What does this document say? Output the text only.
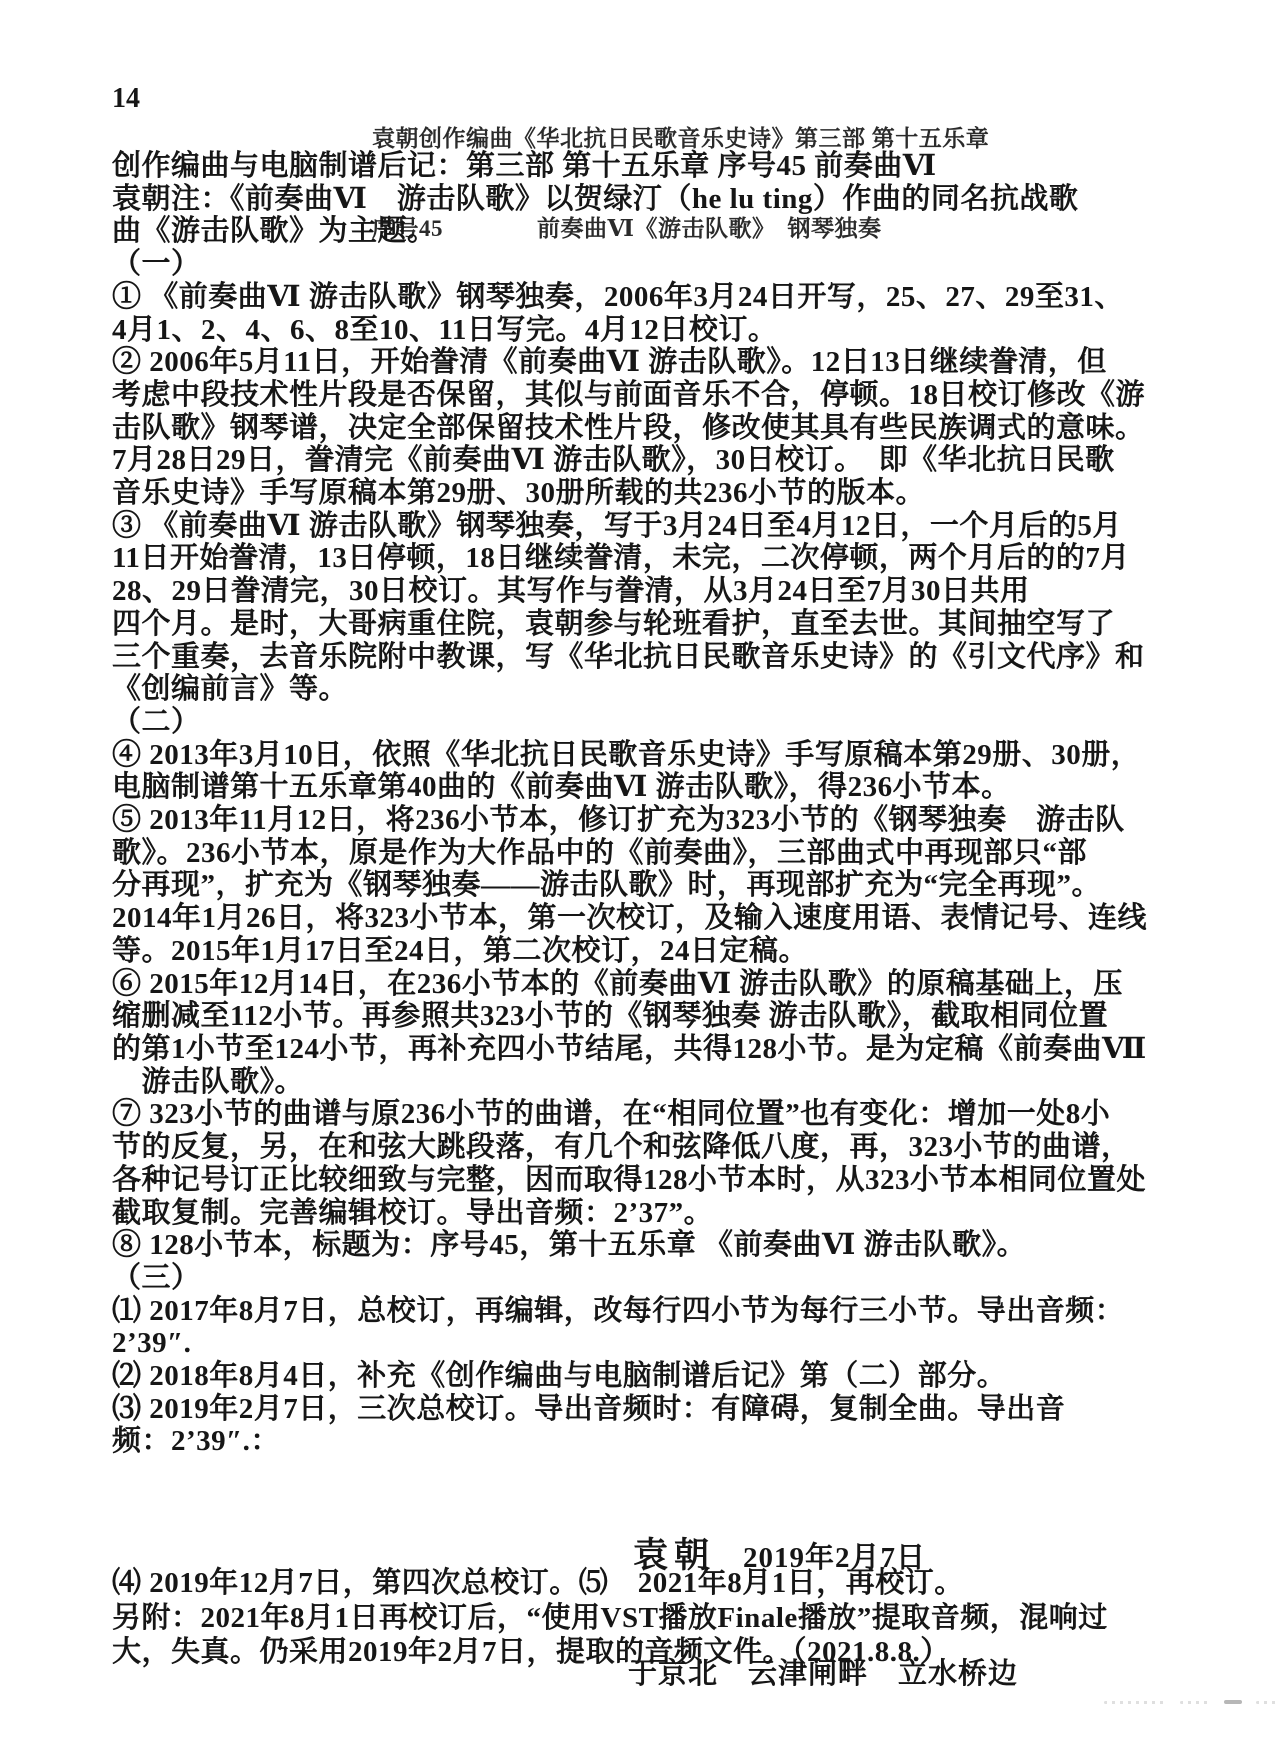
14

袁朝创作编曲《华北抗日民歌音乐史诗》第三部 第十五乐章

序号45　　　　前奏曲Ⅵ《游击队歌》　钢琴独奏

创作编曲与电脑制谱后记：第三部 第十五乐章 序号45 前奏曲Ⅵ
袁朝注：《前奏曲Ⅵ　游击队歌》以贺绿汀（he lu ting）作曲的同名抗战歌
曲《游击队歌》为主题。
（一）
① 《前奏曲Ⅵ 游击队歌》钢琴独奏，2006年3月24日开写，25、27、29至31、
4月1、2、4、6、8至10、11日写完。4月12日校订。
② 2006年5月11日，开始誊清《前奏曲Ⅵ 游击队歌》。12日13日继续誊清，但
考虑中段技术性片段是否保留，其似与前面音乐不合，停顿。18日校订修改《游
击队歌》钢琴谱，决定全部保留技术性片段，修改使其具有些民族调式的意味。
7月28日29日，誊清完《前奏曲Ⅵ 游击队歌》，30日校订。　即《华北抗日民歌
音乐史诗》手写原稿本第29册、30册所载的共236小节的版本。
③ 《前奏曲Ⅵ 游击队歌》钢琴独奏，写于3月24日至4月12日，一个月后的5月
11日开始誊清，13日停顿，18日继续誊清，未完，二次停顿，两个月后的的7月
28、29日誊清完，30日校订。其写作与誊清，从3月24日至7月30日共用
四个月。是时，大哥病重住院，袁朝参与轮班看护，直至去世。其间抽空写了
三个重奏，去音乐院附中教课，写《华北抗日民歌音乐史诗》的《引文代序》和
《创编前言》等。
（二）
④ 2013年3月10日，依照《华北抗日民歌音乐史诗》手写原稿本第29册、30册，
电脑制谱第十五乐章第40曲的《前奏曲Ⅵ 游击队歌》，得236小节本。
⑤ 2013年11月12日，将236小节本，修订扩充为323小节的《钢琴独奏　游击队
歌》。236小节本，原是作为大作品中的《前奏曲》，三部曲式中再现部只“部
分再现”，扩充为《钢琴独奏——游击队歌》时，再现部扩充为“完全再现”。
2014年1月26日，将323小节本，第一次校订，及输入速度用语、表情记号、连线
等。2015年1月17日至24日，第二次校订，24日定稿。
⑥ 2015年12月14日，在236小节本的《前奏曲Ⅵ 游击队歌》的原稿基础上，压
缩删减至112小节。再参照共323小节的《钢琴独奏 游击队歌》，截取相同位置
的第1小节至124小节，再补充四小节结尾，共得128小节。是为定稿《前奏曲Ⅶ
　游击队歌》。
⑦ 323小节的曲谱与原236小节的曲谱，在“相同位置”也有变化：增加一处8小
节的反复，另，在和弦大跳段落，有几个和弦降低八度，再，323小节的曲谱，
各种记号订正比较细致与完整，因而取得128小节本时，从323小节本相同位置处
截取复制。完善编辑校订。导出音频：2’37”。
⑧ 128小节本，标题为：序号45，第十五乐章 《前奏曲Ⅵ 游击队歌》。
（三）
⑴ 2017年8月7日，总校订，再编辑，改每行四小节为每行三小节。导出音频：
2’39″.
⑵ 2018年8月4日，补充《创作编曲与电脑制谱后记》第（二）部分。
⑶ 2019年2月7日，三次总校订。导出音频时：有障碍，复制全曲。导出音
频：2’39″.：

袁朝 2019年2月7日

于京北　云津闸畔　立水桥边

⑷ 2019年12月7日，第四次总校订。⑸　2021年8月1日，再校订。
另附：2021年8月1日再校订后，“使用VST播放Finale播放”提取音频，混响过
大，失真。仍采用2019年2月7日，提取的音频文件。（2021.8.8.）
